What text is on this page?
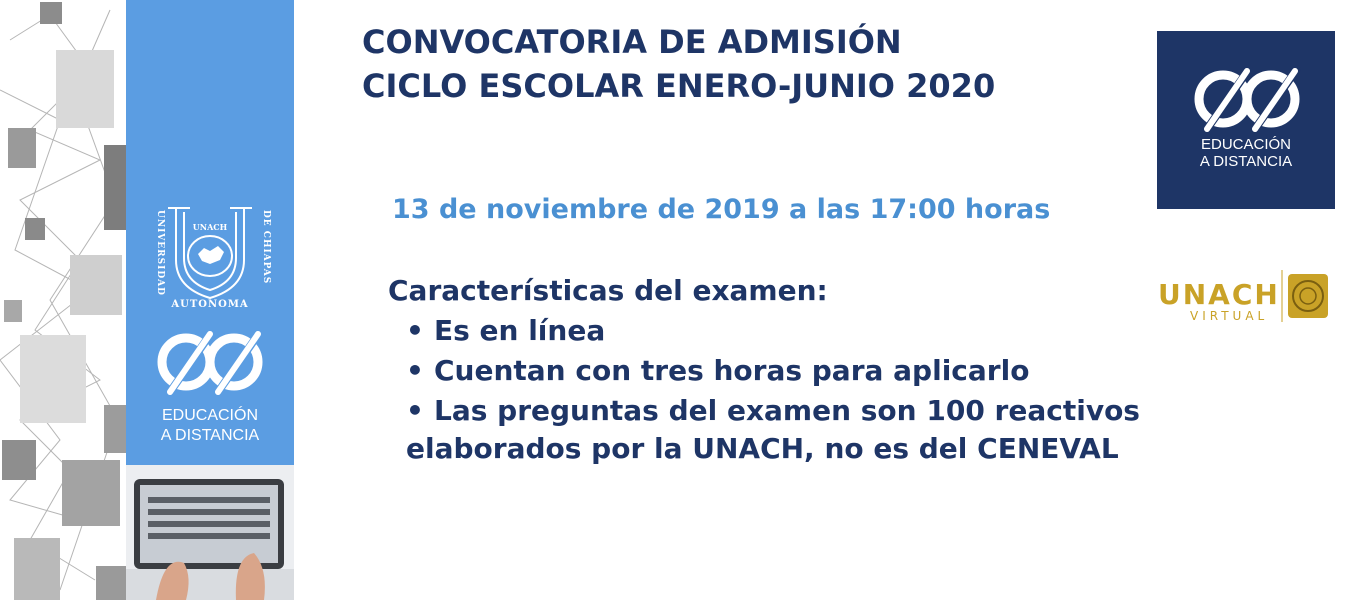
UNACH
UNIVERSIDAD	DE CHIAPAS
AUTONOMA
EDUCACIÓN
A DISTANCIA
CONVOCATORIA DE ADMISIÓN
CICLO ESCOLAR ENERO-JUNIO 2020
13 de noviembre de 2019 a las 17:00 horas
Características del examen:
• Es en línea
• Cuentan con tres horas para aplicarlo
• Las preguntas del examen son 100 reactivos
elaborados por la UNACH, no es del CENEVAL
EDUCACIÓN
A DISTANCIA
UNACH
VIRTUAL
